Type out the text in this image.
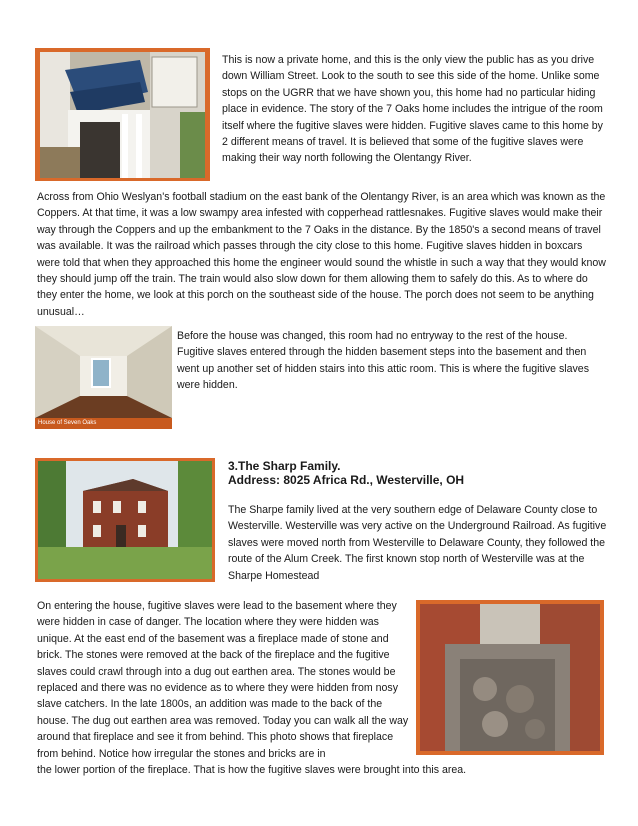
This is now a private home, and this is the only view the public has as you drive down William Street. Look to the south to see this side of the home. Unlike some stops on the UGRR that we have shown you, this home had no particular hiding place in evidence. The story of the 7 Oaks home includes the intrigue of the room itself where the fugitive slaves were hidden. Fugitive slaves came to this home by 2 different means of travel. It is believed that some of the fugitive slaves were making their way north following the Olentangy River.

Across from Ohio Weslyan's football stadium on the east bank of the Olentangy River, is an area which was known as the Coppers. At that time, it was a low swampy area infested with copperhead rattlesnakes. Fugitive slaves would make their way through the Coppers and up the embankment to the 7 Oaks in the distance. By the 1850's a second means of travel was available. It was the railroad which passes through the city close to this home. Fugitive slaves hidden in boxcars were told that when they approached this home the engineer would sound the whistle in such a way that they would know they should jump off the train. The train would also slow down for them allowing them to safely do this. As to where do they enter the home, we look at this porch on the southeast side of the house. The porch does not seem to be anything unusual…

House of Seven Oaks

Before the house was changed, this room had no entryway to the rest of the house. Fugitive slaves entered through the hidden basement steps into the basement and then went up another set of hidden stairs into this attic room. This is where the fugitive slaves were hidden.

3.The Sharp Family.
Address: 8025 Africa Rd., Westerville, OH

The Sharpe family lived at the very southern edge of Delaware County close to Westerville. Westerville was very active on the Underground Railroad. As fugitive slaves were moved north from Westerville to Delaware County, they followed the route of the Alum Creek. The first known stop north of Westerville was at the Sharpe Homestead

On entering the house, fugitive slaves were lead to the basement where they were hidden in case of danger. The location where they were hidden was unique. At the east end of the basement was a fireplace made of stone and brick. The stones were removed at the back of the fireplace and the fugitive slaves could crawl through into a dug out earthen area. The stones would be replaced and there was no evidence as to where they were hidden from nosy slave catchers. In the late 1800s, an addition was made to the back of the house. The dug out earthen area was removed. Today you can walk all the way around that fireplace and see it from behind. This photo shows that fireplace from behind. Notice how irregular the stones and bricks are in

the lower portion of the fireplace. That is how the fugitive slaves were brought into this area.
